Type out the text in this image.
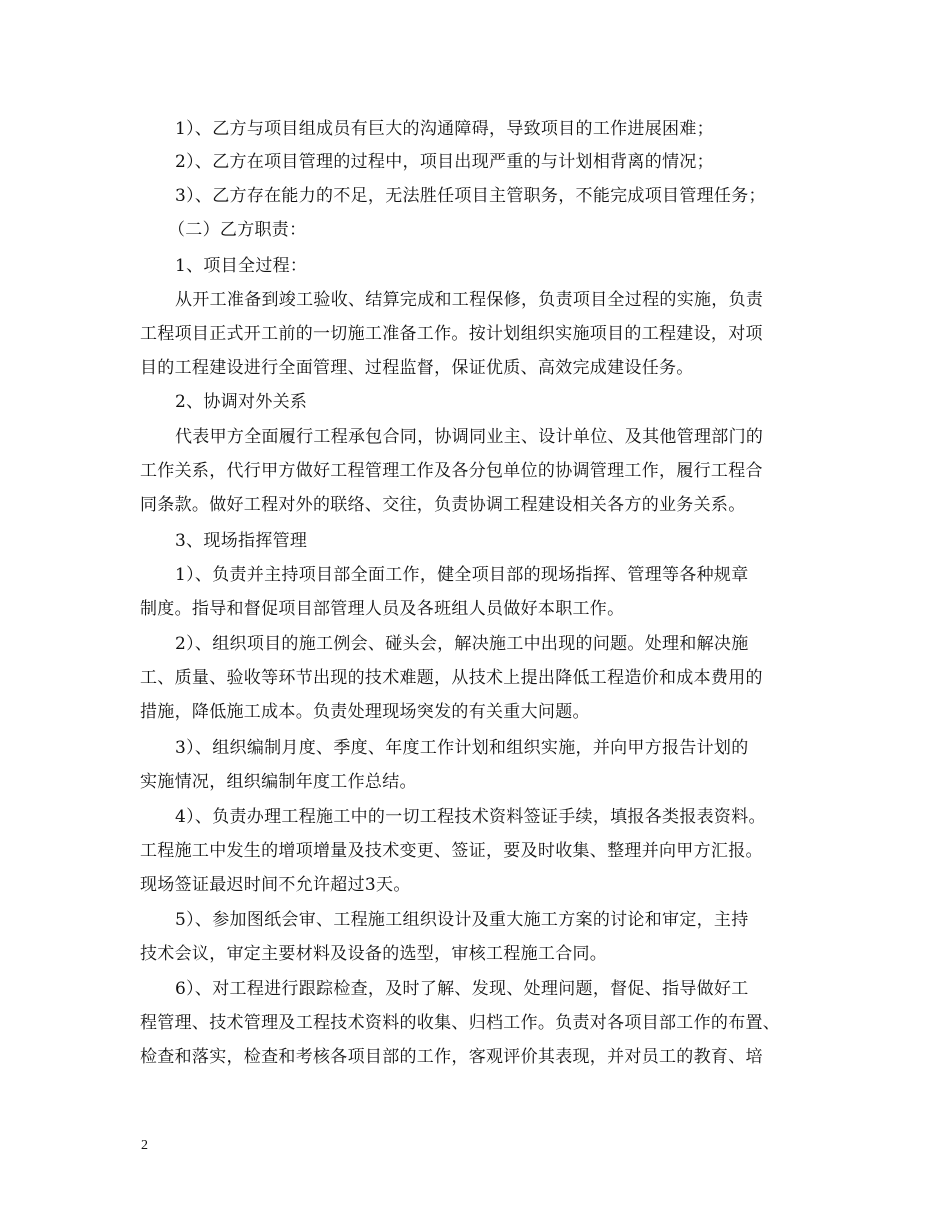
1）、乙方与项目组成员有巨大的沟通障碍，导致项目的工作进展困难；
2）、乙方在项目管理的过程中，项目出现严重的与计划相背离的情况；
3）、乙方存在能力的不足，无法胜任项目主管职务，不能完成项目管理任务；
（二）乙方职责：
1、项目全过程：
从开工准备到竣工验收、结算完成和工程保修，负责项目全过程的实施，负责
工程项目正式开工前的一切施工准备工作。按计划组织实施项目的工程建设，对项
目的工程建设进行全面管理、过程监督，保证优质、高效完成建设任务。
2、协调对外关系
代表甲方全面履行工程承包合同，协调同业主、设计单位、及其他管理部门的
工作关系，代行甲方做好工程管理工作及各分包单位的协调管理工作，履行工程合
同条款。做好工程对外的联络、交往，负责协调工程建设相关各方的业务关系。
3、现场指挥管理
1）、负责并主持项目部全面工作，健全项目部的现场指挥、管理等各种规章
制度。指导和督促项目部管理人员及各班组人员做好本职工作。
2）、组织项目的施工例会、碰头会，解决施工中出现的问题。处理和解决施
工、质量、验收等环节出现的技术难题，从技术上提出降低工程造价和成本费用的
措施，降低施工成本。负责处理现场突发的有关重大问题。
3）、组织编制月度、季度、年度工作计划和组织实施，并向甲方报告计划的
实施情况，组织编制年度工作总结。
4）、负责办理工程施工中的一切工程技术资料签证手续，填报各类报表资料。
工程施工中发生的增项增量及技术变更、签证，要及时收集、整理并向甲方汇报。
现场签证最迟时间不允许超过3天。
5）、参加图纸会审、工程施工组织设计及重大施工方案的讨论和审定，主持
技术会议，审定主要材料及设备的选型，审核工程施工合同。
6）、对工程进行跟踪检查，及时了解、发现、处理问题，督促、指导做好工
程管理、技术管理及工程技术资料的收集、归档工作。负责对各项目部工作的布置、
检查和落实，检查和考核各项目部的工作，客观评价其表现，并对员工的教育、培
2
